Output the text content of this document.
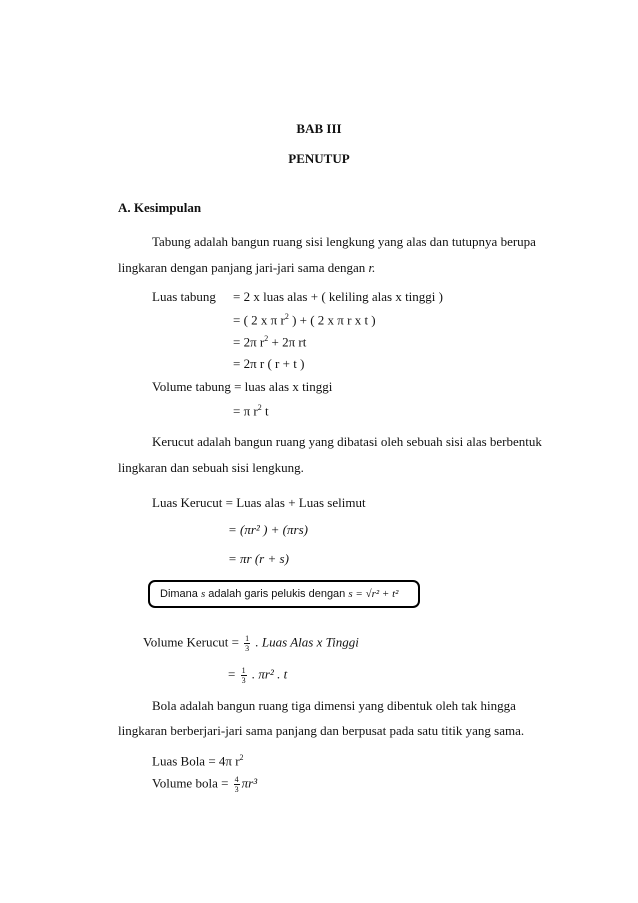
BAB III
PENUTUP
A. Kesimpulan
Tabung adalah bangun ruang sisi lengkung yang alas dan tutupnya berupa
lingkaran dengan panjang jari-jari sama dengan r.
Luas tabung = 2 x luas alas + ( keliling alas x tinggi )
= ( 2 x π $r^2$ ) + ( 2 x π r x t )
= 2π $r^2 + 2\pi$ rt
= 2π r ( r + t )
Volume tabung = luas alas x tinggi
= π $r^2$ t
Kerucut adalah bangun ruang yang dibatasi oleh sebuah sisi alas berbentuk
lingkaran dan sebuah sisi lengkung.
Luas Kerucut = Luas alas + Luas selimut
= (πr² ) + (πrs)
= πr (r + s)
Dimana s adalah garis pelukis dengan s = √r² + t²
Volume Kerucut = $\frac{1}{3}$ . Luas Alas x Tinggi
= $\frac{1}{3}$ . πr² . t
Bola adalah bangun ruang tiga dimensi yang dibentuk oleh tak hingga
lingkaran berberjari-jari sama panjang dan berpusat pada satu titik yang sama.
Luas Bola = 4π $r^2$
Volume bola = $\frac{4}{3} \pi r^3$
